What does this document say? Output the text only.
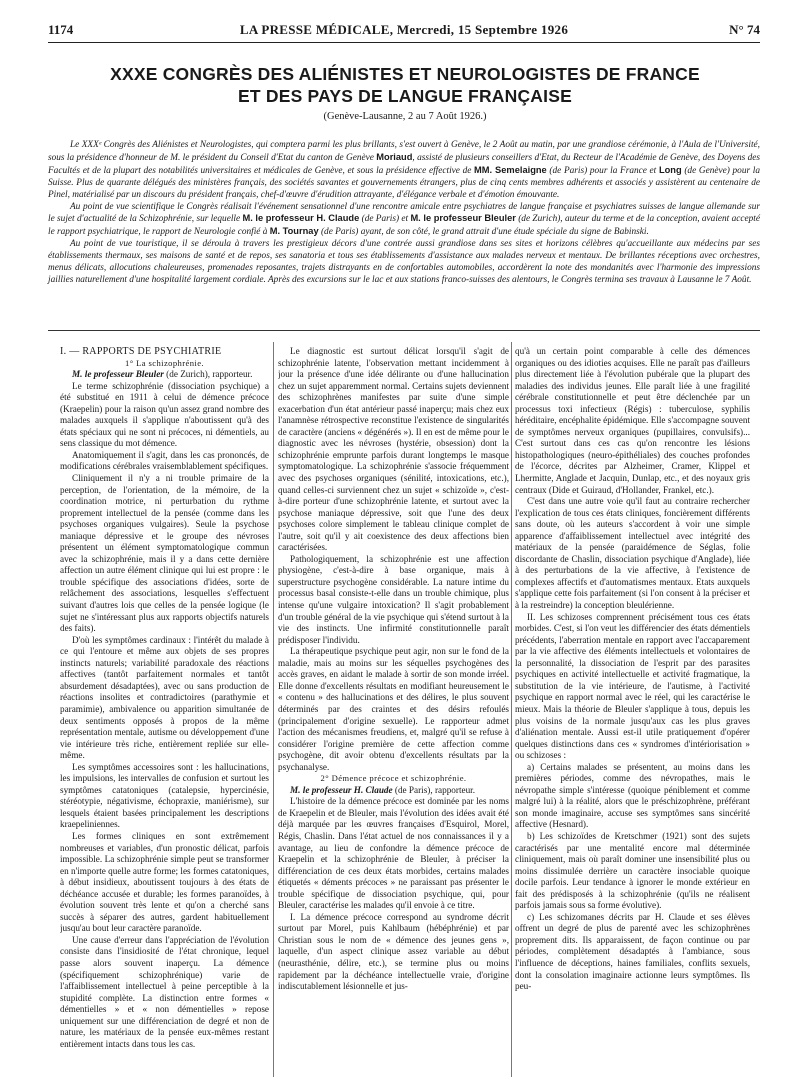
1174	LA PRESSE MÉDICALE, Mercredi, 15 Septembre 1926	N° 74
XXXE CONGRÈS DES ALIÉNISTES ET NEUROLOGISTES DE FRANCE
ET DES PAYS DE LANGUE FRANÇAISE
(Genève-Lausanne, 2 au 7 Août 1926.)

Le XXXᵉ Congrès des Aliénistes et Neurologistes, qui comptera parmi les plus brillants, s'est ouvert à Genève, le 2 Août au matin, par une grandiose cérémonie, à l'Aula de l'Université, sous la présidence d'honneur de M. le président du Conseil d'Etat du canton de Genève Moriaud, assisté de plusieurs conseillers d'Etat, du Recteur de l'Académie de Genève, des Doyens des Facultés et de la plupart des notabilités universitaires et médicales de Genève, et sous la présidence effective de MM. Semelaigne (de Paris) pour la France et Long (de Genève) pour la Suisse. Plus de quarante délégués des ministères français, des sociétés savantes et gouvernements étrangers, plus de cinq cents membres adhérents et associés y assistèrent au centenaire de Pinel, matérialisé par un discours du président français, chef-d'œuvre d'érudition attrayante, d'élégance verbale et d'émotion émouvante.

Au point de vue scientifique le Congrès réalisait l'événement sensationnel d'une rencontre amicale entre psychiatres de langue française et psychiatres suisses de langue allemande sur le sujet d'actualité de la Schizophrénie, sur lequelle M. le professeur H. Claude (de Paris) et M. le professeur Bleuler (de Zurich), auteur du terme et de la conception, avaient accepté le rapport psychiatrique, le rapport de Neurologie confié à M. Tournay (de Paris) ayant, de son côté, le grand attrait d'une étude spéciale du signe de Babinski.

Au point de vue touristique, il se déroula à travers les prestigieux décors d'une contrée aussi grandiose dans ses sites et horizons célèbres qu'accueillante aux médecins par ses établissements thermaux, ses maisons de santé et de repos, ses sanatoria et tous ses établissements d'assistance aux malades nerveux et mentaux. De brillantes réceptions avec orchestres, menus délicats, allocutions chaleureuses, promenades reposantes, trajets distrayants en de confortables automobiles, accordèrent la note des mondanités avec l'harmonie des impressions jaillies naturellement d'une hospitalité largement cordiale. Après des excursions sur le lac et aux stations franco-suisses des alentours, le Congrès termina ses travaux à Lausanne le 7 Août.

I. — RAPPORTS DE PSYCHIATRIE

1° La schizophrénie.

M. le professeur Bleuler (de Zurich), rapporteur.

Le terme schizophrénie (dissociation psychique) a été substitué en 1911 à celui de démence précoce (Kraepelin) pour la raison qu'un assez grand nombre des malades auxquels il s'applique n'aboutissent qu'à des états spéciaux qui ne sont ni précoces, ni démentiels, au sens classique du mot démence.

Anatomiquement il s'agit, dans les cas prononcés, de modifications cérébrales vraisemblablement spécifiques.

Cliniquement il n'y a ni trouble primaire de la perception, de l'orientation, de la mémoire, de la coordination motrice, ni perturbation du rythme proprement intellectuel de la pensée (comme dans les psychoses organiques vulgaires). Seule la psychose maniaque dépressive et le groupe des névroses présentent un élément symptomatologique commun avec la schizophrénie, mais il y a dans cette dernière affection un autre élément clinique qui lui est propre : le trouble spécifique des associations d'idées, sorte de relâchement des associations, lesquelles s'effectuent suivant d'autres lois que celles de la pensée logique (le sujet ne s'intéressant plus aux rapports objectifs naturels des faits).

D'où les symptômes cardinaux : l'intérêt du malade à ce qui l'entoure et même aux objets de ses propres instincts naturels; variabilité paradoxale des réactions affectives (tantôt parfaitement normales et tantôt absurdement désadaptées), avec ou sans production de réactions insolites et contradictoires (parathymie et paramimie), ambivalence ou apparition simultanée de deux sentiments opposés à propos de la même représentation mentale, autisme ou développement d'une vie intérieure très riche, entièrement repliée sur elle-même.

Les symptômes accessoires sont : les hallucinations, les impulsions, les intervalles de confusion et surtout les symptômes catatoniques (catalepsie, hypercinésie, stéréotypie, négativisme, échopraxie, maniérisme), sur lesquels étaient basées principalement les descriptions kraepeliniennes.

Les formes cliniques en sont extrêmement nombreuses et variables, d'un pronostic délicat, parfois impossible. La schizophrénie simple peut se transformer en n'importe quelle autre forme; les formes catatoniques, à début insidieux, aboutissent toujours à des états de déchéance accusée et durable; les formes paranoïdes, à évolution souvent très lente et qu'on a cherché sans succès à séparer des autres, gardent habituellement jusqu'au bout leur caractère paranoïde.

Une cause d'erreur dans l'appréciation de l'évolution consiste dans l'insidiosité de l'état chronique, lequel passe alors souvent inaperçu. La démence (spécifiquement schizophrénique) varie de l'affaiblissement intellectuel à peine perceptible à la stupidité complète. La distinction entre formes « démentielles » et « non démentielles » repose uniquement sur une différenciation de degré et non de nature, les matériaux de la pensée eux-mêmes restant entièrement intacts dans tous les cas.

Le diagnostic est surtout délicat lorsqu'il s'agit de schizophrénie latente, l'observation mettant incidemment à jour la présence d'une idée délirante ou d'une hallucination chez un sujet apparemment normal. Certains sujets deviennent des schizophrènes manifestes par suite d'une simple exacerbation d'un état antérieur passé inaperçu; mais chez eux l'anamnèse rétrospective reconstitue l'existence de singularités de caractère (anciens « dégénérés »). Il en est de même pour le diagnostic avec les névroses (hystérie, obsession) dont la schizophrénie emprunte parfois durant longtemps le masque symptomatologique. La schizophrénie s'associe fréquemment avec des psychoses organiques (sénilité, intoxications, etc.), quand celles-ci surviennent chez un sujet « schizoïde », c'est-à-dire porteur d'une schizophrénie latente, et surtout avec la psychose maniaque dépressive, soit que l'une des deux psychoses colore simplement le tableau clinique complet de l'autre, soit qu'il y ait coexistence des deux affections bien caractérisées.

Pathologiquement, la schizophrénie est une affection physiogène, c'est-à-dire à base organique, mais à superstructure psychogène considérable. La nature intime du processus basal consiste-t-elle dans un trouble chimique, plus intense qu'une vulgaire intoxication? Il s'agit probablement d'un trouble général de la vie psychique qui s'étend surtout à la vie des instincts. Une infirmité constitutionnelle paraît prédisposer l'individu.

La thérapeutique psychique peut agir, non sur le fond de la maladie, mais au moins sur les séquelles psychogènes des accès graves, en aidant le malade à sortir de son monde irréel. Elle donne d'excellents résultats en modifiant heureusement le « contenu » des hallucinations et des délires, le plus souvent déterminés par des craintes et des désirs refoulés (principalement d'origine sexuelle). Le rapporteur admet l'action des mécanismes freudiens, et, malgré qu'il se refuse à considérer l'origine première de cette affection comme psychogène, dit avoir obtenu d'excellents résultats par la psychanalyse.

2° Démence précoce et schizophrénie.

M. le professeur H. Claude (de Paris), rapporteur.

L'histoire de la démence précoce est dominée par les noms de Kraepelin et de Bleuler, mais l'évolution des idées avait été déjà marquée par les œuvres françaises d'Esquirol, Morel, Régis, Chaslin. Dans l'état actuel de nos connaissances il y a avantage, au lieu de confondre la démence précoce de Kraepelin et la schizophrénie de Bleuler, à préciser la différenciation de ces deux états morbides, certains malades étiquetés « déments précoces » ne paraissant pas présenter le trouble spécifique de dissociation psychique, qui, pour Bleuler, caractérise les malades qu'il envoie à ce titre.

I. La démence précoce correspond au syndrome décrit surtout par Morel, puis Kahlbaum (hébéphrénie) et par Christian sous le nom de « démence des jeunes gens », laquelle, d'un aspect clinique assez variable au début (neurasthénie, délire, etc.), se termine plus ou moins rapidement par la déchéance intellectuelle vraie, d'origine indiscutablement lésionnelle et jus-

qu'à un certain point comparable à celle des démences organiques ou des idioties acquises. Elle ne paraît pas d'ailleurs plus directement liée à l'évolution pubérale que la plupart des maladies des individus jeunes. Elle paraît liée à une fragilité cérébrale constitutionnelle et peut être déclenchée par un processus toxi infectieux (Régis) : tuberculose, syphilis héréditaire, encéphalite épidémique. Elle s'accompagne souvent de symptômes nerveux organiques (pupillaires, convulsifs)... C'est surtout dans ces cas qu'on rencontre les lésions histopathologiques (neuro-épithéliales) des couches profondes de l'écorce, décrites par Alzheimer, Cramer, Klippel et Lhermitte, Anglade et Jacquin, Dunlap, etc., et des noyaux gris centraux (Dide et Guiraud, d'Hollander, Frankel, etc.).

C'est dans une autre voie qu'il faut au contraire rechercher l'explication de tous ces états cliniques, foncièrement différents sans doute, où les auteurs s'accordent à voir une simple apparence d'affaiblissement intellectuel avec intégrité des matériaux de la pensée (paraidémence de Séglas, folie discordante de Chaslin, dissociation psychique d'Anglade), liée à des perturbations de la vie affective, à l'existence de complexes affectifs et d'automatismes mentaux. Etats auxquels s'applique cette fois parfaitement (si l'on consent à la préciser et à la restreindre) la conception bleulérienne.

II. Les schizoses comprennent précisément tous ces états morbides. C'est, si l'on veut les différencier des états démentiels précédents, l'aberration mentale en rapport avec l'accaparement par la vie affective des éléments intellectuels et volontaires de la personnalité, la dissociation de l'esprit par des parasites psychiques en activité intellectuelle et activité fragmatique, la substitution de la vie intérieure, de l'autisme, à l'activité psychique en rapport normal avec le réel, qui les caractérise le mieux. Mais la théorie de Bleuler s'applique à tous, depuis les plus voisins de la normale jusqu'aux cas les plus graves d'aliénation mentale. Aussi est-il utile pratiquement d'opérer quelques distinctions dans ces « syndromes d'intériorisation » ou schizoses :

a) Certains malades se présentent, au moins dans les premières périodes, comme des névropathes, mais le névropathe simple s'intéresse (quoique péniblement et comme malgré lui) à la réalité, alors que le préschizophrène, préférant son monde imaginaire, accuse ses symptômes sans sincérité affective (Hesnard).

b) Les schizoïdes de Kretschmer (1921) sont des sujets caractérisés par une mentalité encore mal déterminée cliniquement, mais où paraît dominer une insensibilité plus ou moins dissimulée derrière un caractère insociable quoique docile parfois. Leur tendance à ignorer le monde extérieur en fait des prédisposés à la schizophrénie (qu'ils ne réalisent parfois jamais sous sa forme évolutive).

c) Les schizomanes décrits par H. Claude et ses élèves offrent un degré de plus de parenté avec les schizophrènes proprement dits. Ils apparaissent, de façon continue ou par périodes, complètement désadaptés à l'ambiance, sous l'influence de déceptions, haines familiales, conflits sexuels, dont la consolation imaginaire actionne leurs symptômes. Ils peu-
